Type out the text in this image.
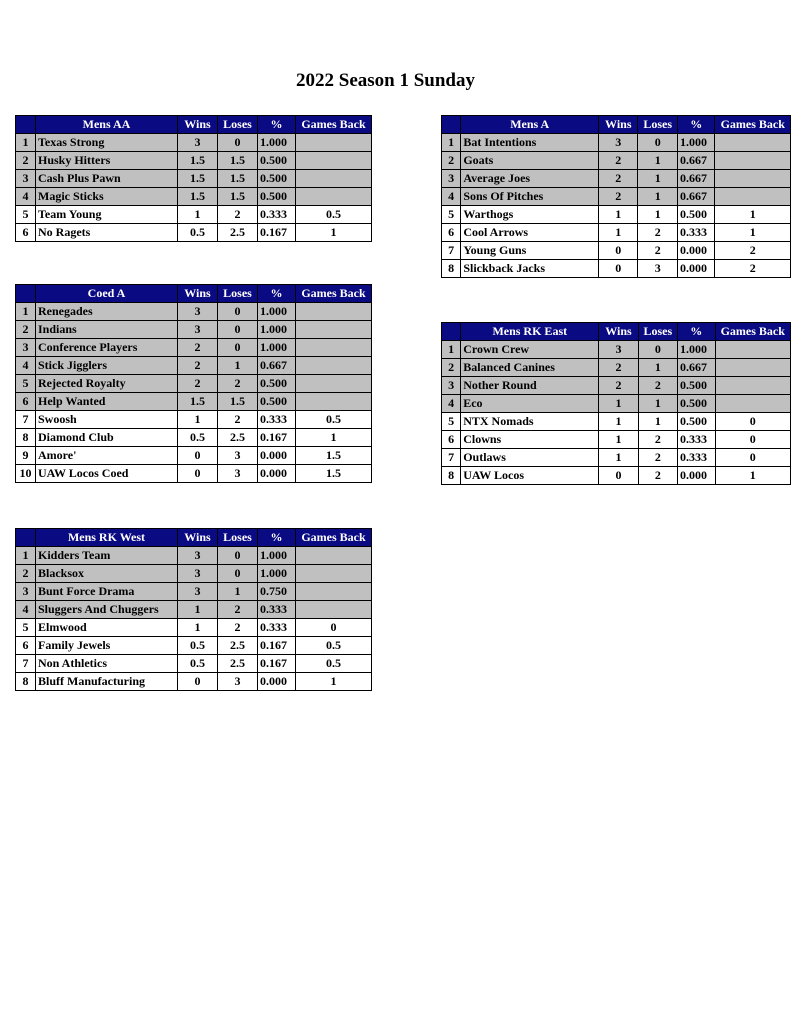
2022 Season 1 Sunday
	Mens AA	Wins	Loses	%	Games Back
1	Texas Strong	3	0	1.000	
2	Husky Hitters	1.5	1.5	0.500	
3	Cash Plus Pawn	1.5	1.5	0.500	
4	Magic Sticks	1.5	1.5	0.500	
5	Team Young	1	2	0.333	0.5
6	No Ragets	0.5	2.5	0.167	1
	Mens A	Wins	Loses	%	Games Back
1	Bat Intentions	3	0	1.000	
2	Goats	2	1	0.667	
3	Average Joes	2	1	0.667	
4	Sons Of Pitches	2	1	0.667	
5	Warthogs	1	1	0.500	1
6	Cool Arrows	1	2	0.333	1
7	Young Guns	0	2	0.000	2
8	Slickback Jacks	0	3	0.000	2
	Coed A	Wins	Loses	%	Games Back
1	Renegades	3	0	1.000	
2	Indians	3	0	1.000	
3	Conference Players	2	0	1.000	
4	Stick Jigglers	2	1	0.667	
5	Rejected Royalty	2	2	0.500	
6	Help Wanted	1.5	1.5	0.500	
7	Swoosh	1	2	0.333	0.5
8	Diamond Club	0.5	2.5	0.167	1
9	Amore'	0	3	0.000	1.5
10	UAW Locos Coed	0	3	0.000	1.5
	Mens RK East	Wins	Loses	%	Games Back
1	Crown Crew	3	0	1.000	
2	Balanced Canines	2	1	0.667	
3	Nother Round	2	2	0.500	
4	Eco	1	1	0.500	
5	NTX Nomads	1	1	0.500	0
6	Clowns	1	2	0.333	0
7	Outlaws	1	2	0.333	0
8	UAW Locos	0	2	0.000	1
	Mens RK West	Wins	Loses	%	Games Back
1	Kidders Team	3	0	1.000	
2	Blacksox	3	0	1.000	
3	Bunt Force Drama	3	1	0.750	
4	Sluggers And Chuggers	1	2	0.333	
5	Elmwood	1	2	0.333	0
6	Family Jewels	0.5	2.5	0.167	0.5
7	Non Athletics	0.5	2.5	0.167	0.5
8	Bluff Manufacturing	0	3	0.000	1
